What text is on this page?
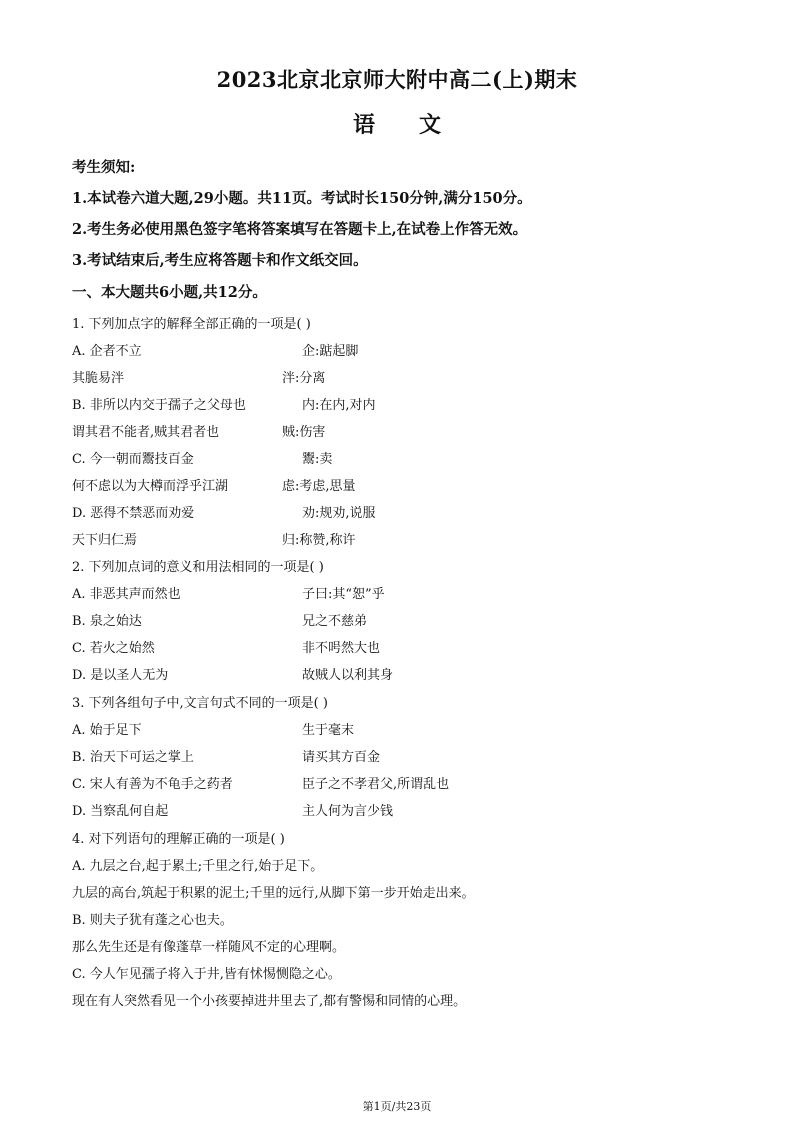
2023北京北京师大附中高二(上)期末
语文
考生须知:
1.本试卷六道大题,29小题。共11页。考试时长150分钟,满分150分。
2.考生务必使用黑色签字笔将答案填写在答题卡上,在试卷上作答无效。
3.考试结束后,考生应将答题卡和作文纸交回。
一、本大题共6小题,共12分。
1. 下列加点字的解释全部正确的一项是( )
A. 企者不立	企:踮起脚
其脆易泮	泮:分离
B. 非所以内交于孺子之父母也	内:在内,对内
谓其君不能者,贼其君者也	贼:伤害
C. 今一朝而鬻技百金	鬻:卖
何不虑以为大樽而浮乎江湖	虑:考虑,思量
D. 恶得不禁恶而劝爱	劝:规劝,说服
天下归仁焉	归:称赞,称许
2. 下列加点词的意义和用法相同的一项是( )
A. 非恶其声而然也	子曰:其“恕”乎
B. 泉之始达	兄之不慈弟
C. 若火之始然	非不呺然大也
D. 是以圣人无为	故贼人以利其身
3. 下列各组句子中,文言句式不同的一项是( )
A. 始于足下	生于毫末
B. 治天下可运之掌上	请买其方百金
C. 宋人有善为不龟手之药者	臣子之不孝君父,所谓乱也
D. 当察乱何自起	主人何为言少钱
4. 对下列语句的理解正确的一项是( )
A. 九层之台,起于累土;千里之行,始于足下。
九层的高台,筑起于积累的泥土;千里的远行,从脚下第一步开始走出来。
B. 则夫子犹有蓬之心也夫。
那么先生还是有像蓬草一样随风不定的心理啊。
C. 今人乍见孺子将入于井,皆有怵惕恻隐之心。
现在有人突然看见一个小孩要掉进井里去了,都有警惕和同情的心理。
第1页/共23页
